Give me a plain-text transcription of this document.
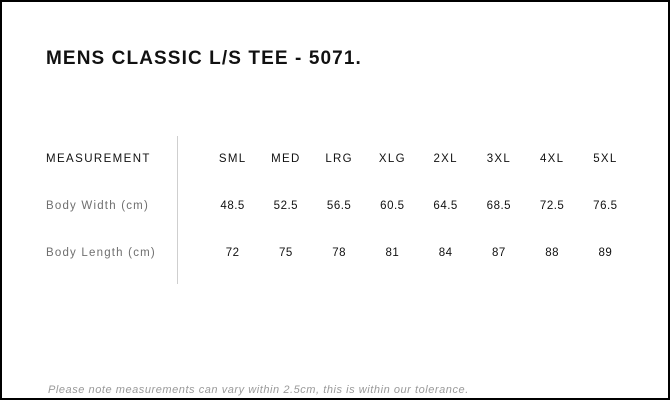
MENS CLASSIC L/S TEE - 5071.
MEASUREMENT	SML	MED	LRG	XLG	2XL	3XL	4XL	5XL
Body Width (cm)	48.5	52.5	56.5	60.5	64.5	68.5	72.5	76.5
Body Length (cm)	72	75	78	81	84	87	88	89
Please note measurements can vary within 2.5cm, this is within our tolerance.
